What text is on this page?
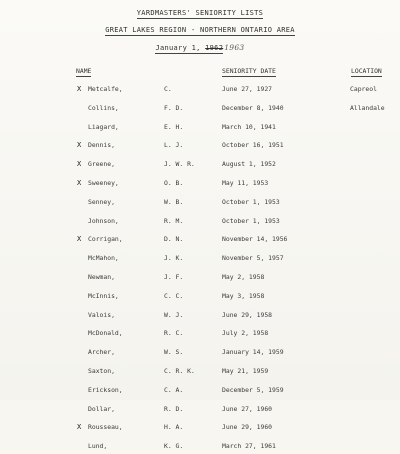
YARDMASTERS' SENIORITY LISTS
GREAT LAKES REGION - NORTHERN ONTARIO AREA
January 1, 19621963
NAME	SENIORITY DATE	LOCATION
X Metcalfe,	C.	June 27, 1927	Capreol
Collins,	F. D.	December 8, 1940	Allandale
Liagard,	E. H.	March 10, 1941
X Dennis,	L. J.	October 16, 1951
X Greene,	J. W. R.	August 1, 1952
X Sweeney,	O. B.	May 11, 1953
Senney,	W. B.	October 1, 1953
Johnson,	R. M.	October 1, 1953
X Corrigan,	D. N.	November 14, 1956
McMahon,	J. K.	November 5, 1957
Newman,	J. F.	May 2, 1958
McInnis,	C. C.	May 3, 1958
Valois,	W. J.	June 29, 1958
McDonald,	R. C.	July 2, 1958
Archer,	W. S.	January 14, 1959
Saxton,	C. R. K.	May 21, 1959
Erickson,	C. A.	December 5, 1959
Dollar,	R. D.	June 27, 1960
X Rousseau,	H. A.	June 29, 1960
Lund,	K. G.	March 27, 1961
